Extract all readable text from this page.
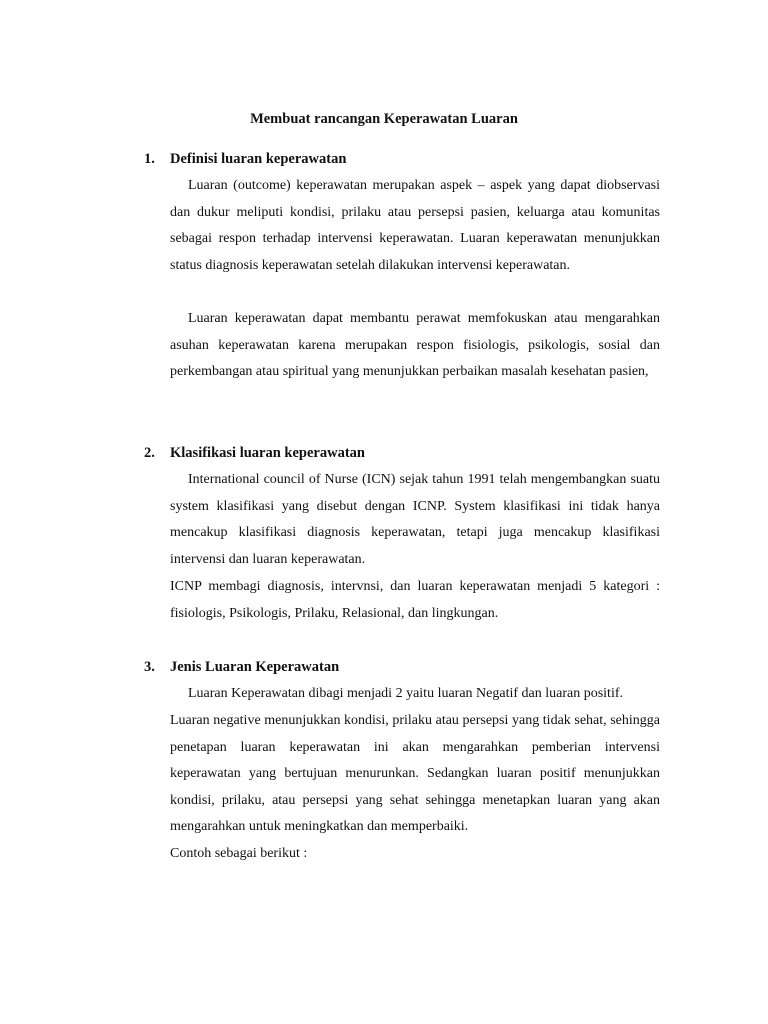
Membuat rancangan Keperawatan Luaran
1. Definisi luaran keperawatan

Luaran (outcome) keperawatan merupakan aspek – aspek yang dapat diobservasi dan dukur meliputi kondisi, prilaku atau persepsi pasien, keluarga atau komunitas sebagai respon terhadap intervensi keperawatan. Luaran keperawatan menunjukkan status diagnosis keperawatan setelah dilakukan intervensi keperawatan.

Luaran keperawatan dapat membantu perawat memfokuskan atau mengarahkan asuhan keperawatan karena merupakan respon fisiologis, psikologis, sosial dan perkembangan atau spiritual yang menunjukkan perbaikan masalah kesehatan pasien,

2. Klasifikasi luaran keperawatan

International council of Nurse (ICN) sejak tahun 1991 telah mengembangkan suatu system klasifikasi yang disebut dengan ICNP. System klasifikasi ini tidak hanya mencakup klasifikasi diagnosis keperawatan, tetapi juga mencakup klasifikasi intervensi dan luaran keperawatan.

ICNP membagi diagnosis, intervnsi, dan luaran keperawatan menjadi 5 kategori : fisiologis, Psikologis, Prilaku, Relasional, dan lingkungan.

3. Jenis Luaran Keperawatan

Luaran Keperawatan dibagi menjadi 2 yaitu luaran Negatif dan luaran positif.

Luaran negative menunjukkan kondisi, prilaku atau persepsi yang tidak sehat, sehingga penetapan luaran keperawatan ini akan mengarahkan pemberian intervensi keperawatan yang bertujuan menurunkan. Sedangkan luaran positif menunjukkan kondisi, prilaku, atau persepsi yang sehat sehingga menetapkan luaran yang akan mengarahkan untuk meningkatkan dan memperbaiki.

Contoh sebagai berikut :
